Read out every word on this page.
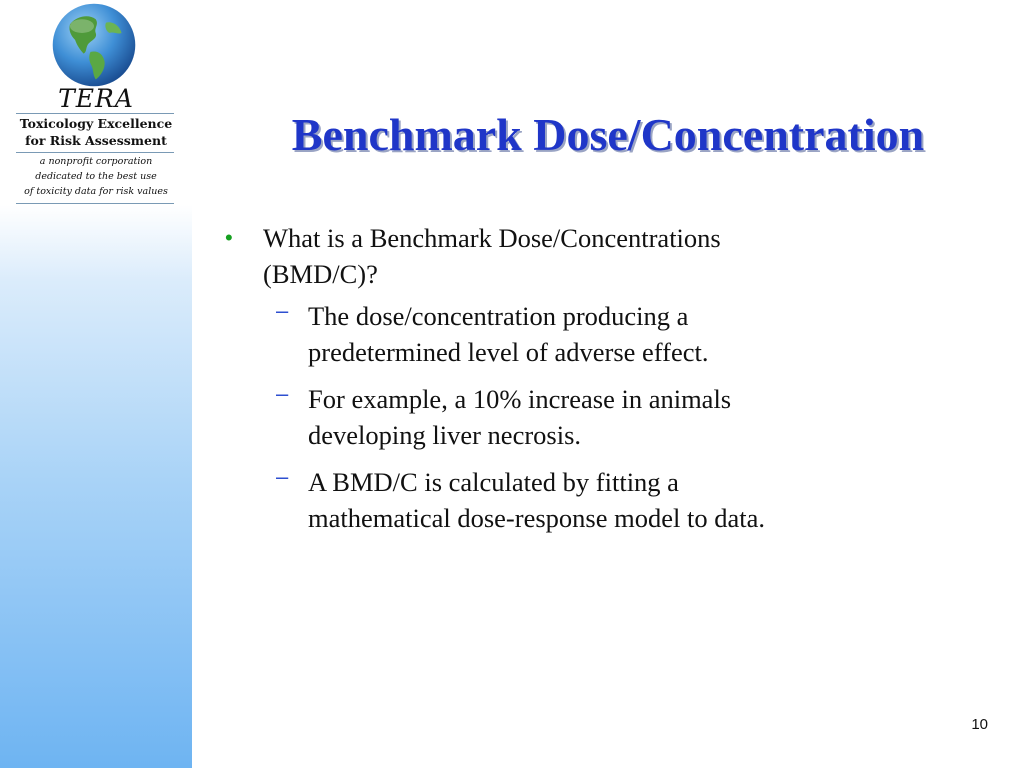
TERA
Toxicology Excellence
for Risk Assessment
a nonprofit corporation
dedicated to the best use
of toxicity data for risk values
Benchmark Dose/Concentration
• What is a Benchmark Dose/Concentrations
(BMD/C)?
– The dose/concentration producing a
predetermined level of adverse effect.
– For example, a 10% increase in animals
developing liver necrosis.
– A BMD/C is calculated by fitting a
mathematical dose-response model to data.
10
